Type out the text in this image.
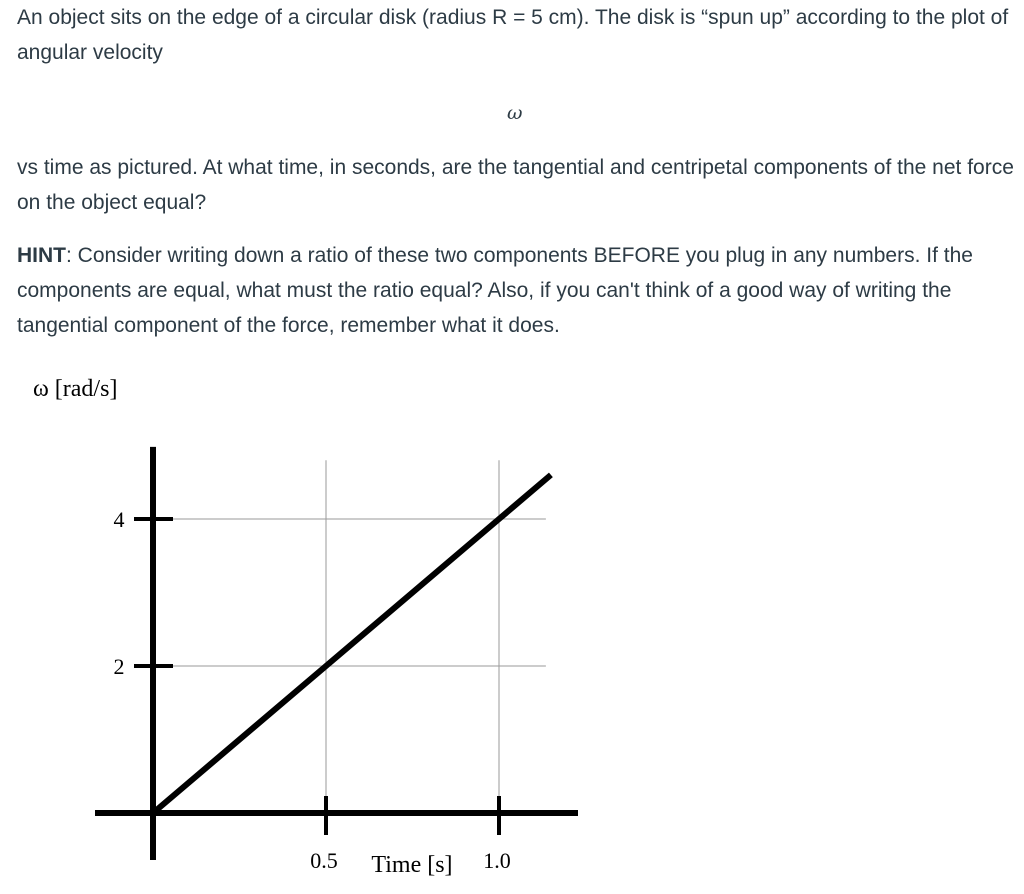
An object sits on the edge of a circular disk (radius R = 5 cm). The disk is “spun up” according to the plot of angular velocity

ω

vs time as pictured. At what time, in seconds, are the tangential and centripetal components of the net force on the object equal?

HINT: Consider writing down a ratio of these two components BEFORE you plug in any numbers. If the components are equal, what must the ratio equal? Also, if you can't think of a good way of writing the tangential component of the force, remember what it does.

0.5	1.0
2
4
Time [s]
ω [rad/s]
